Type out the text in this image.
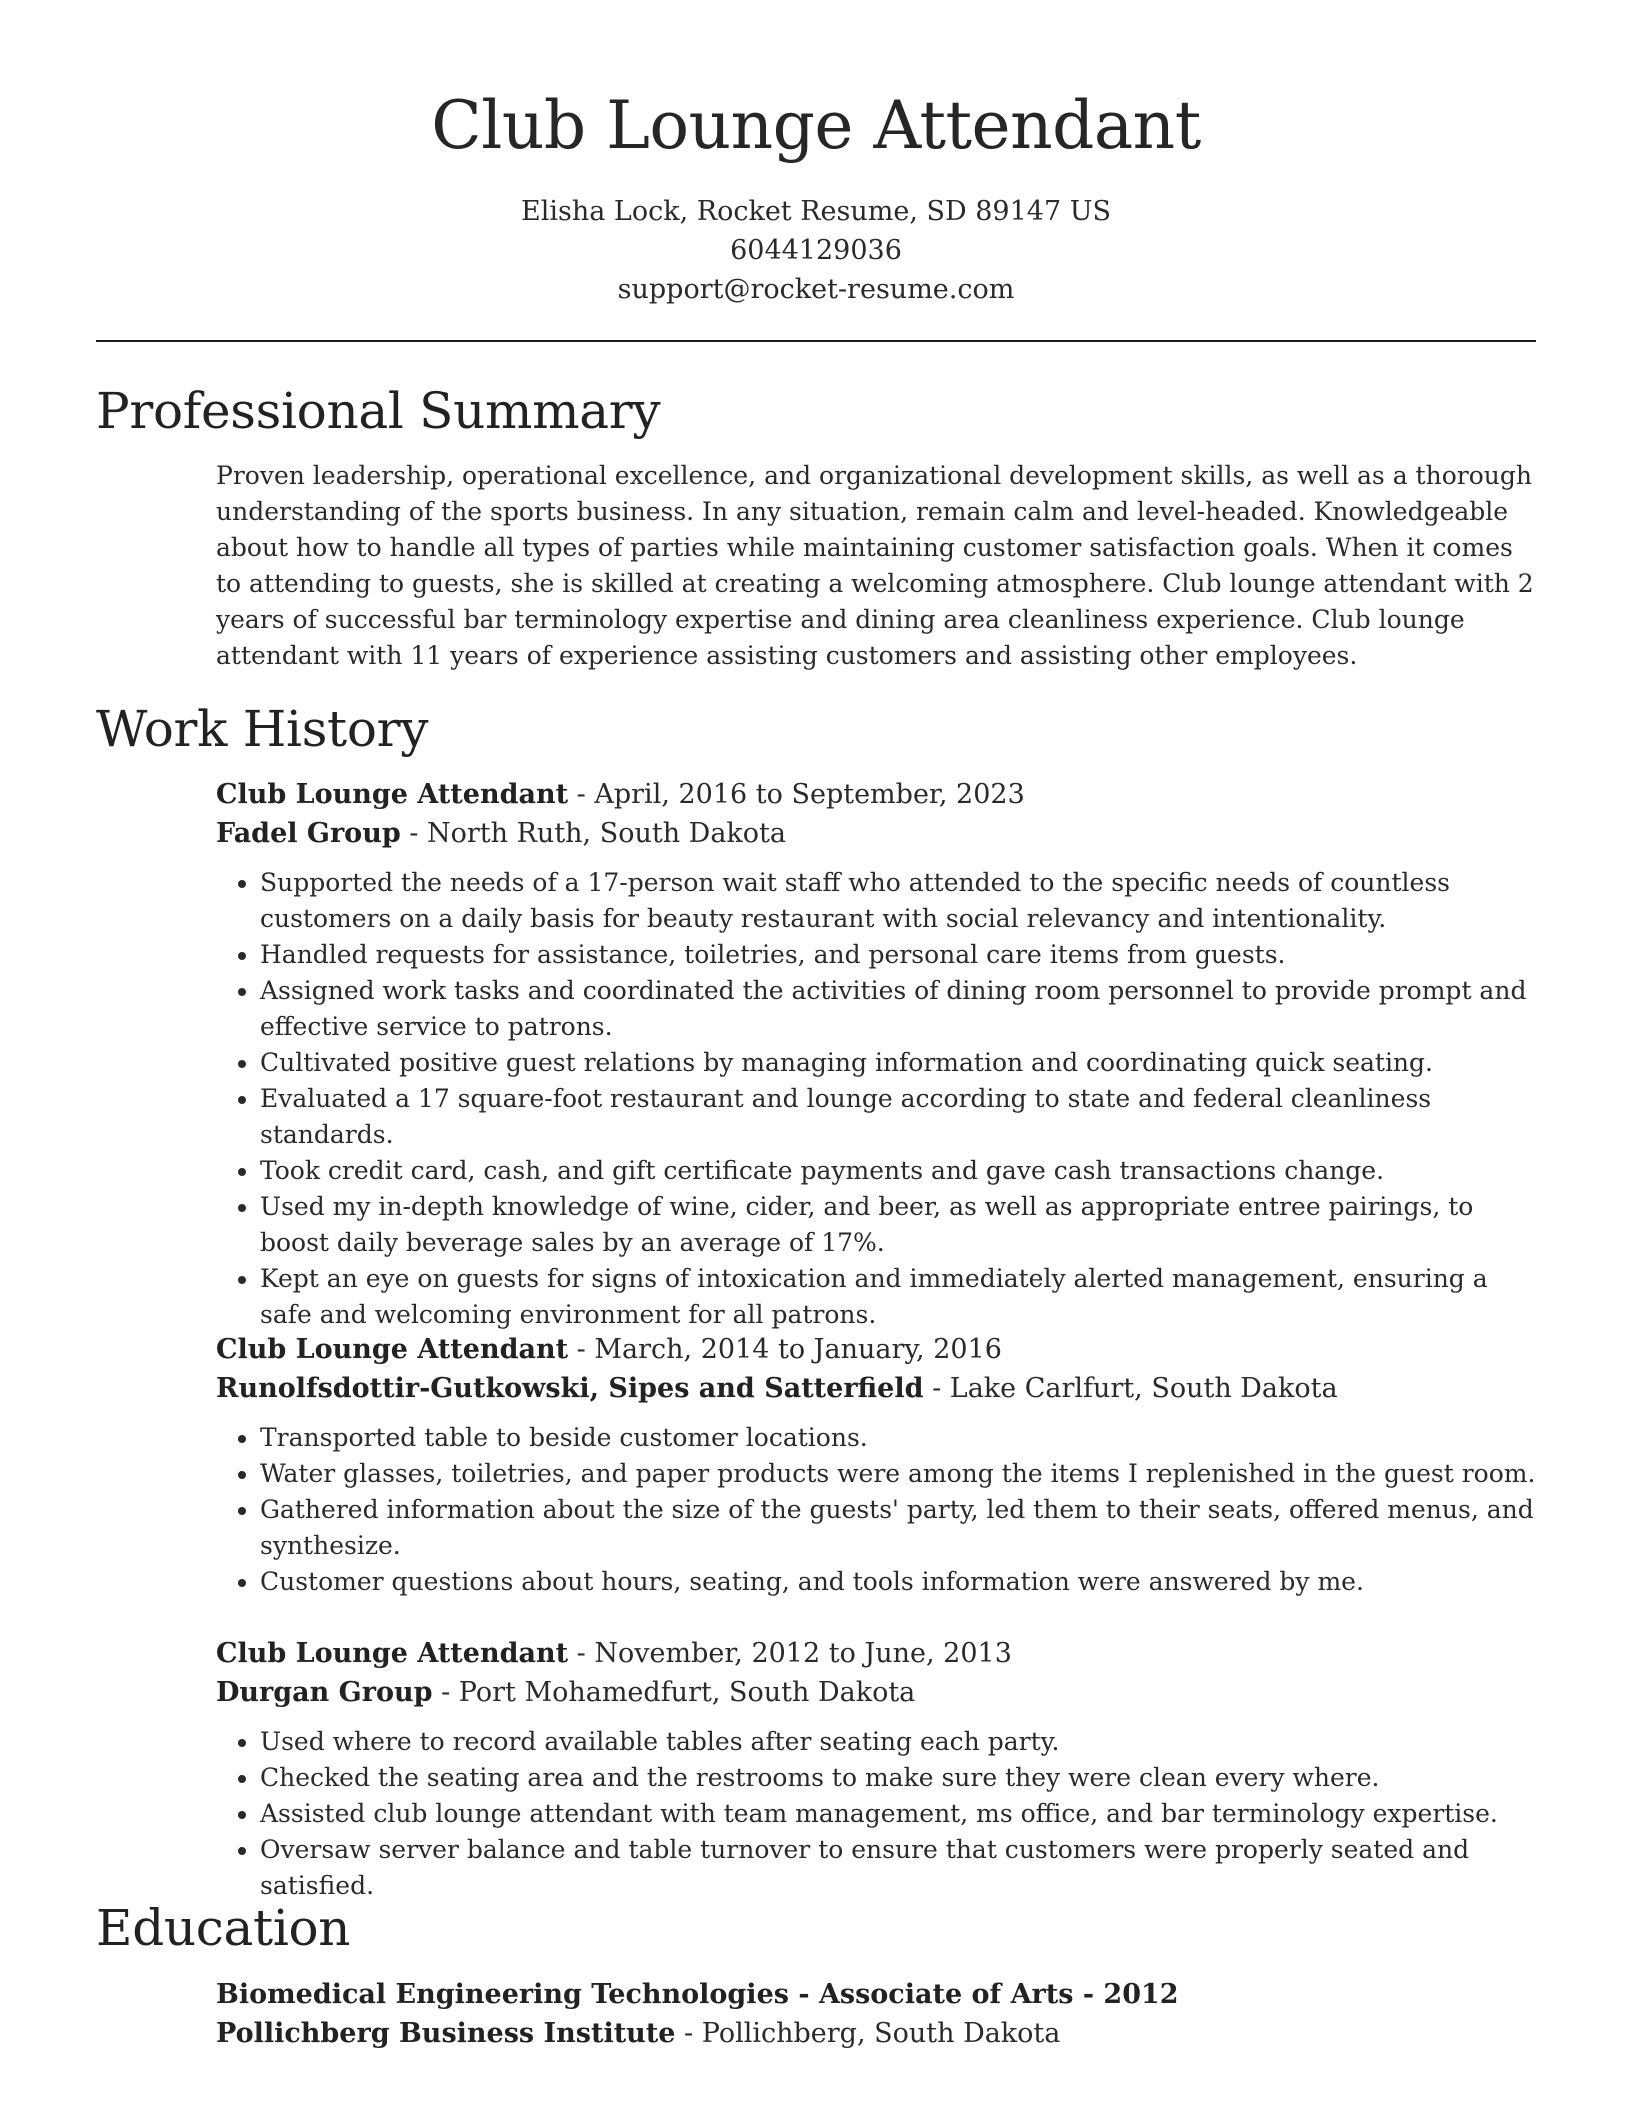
Club Lounge Attendant
Elisha Lock, Rocket Resume, SD 89147 US
6044129036
support@rocket-resume.com
Professional Summary

Proven leadership, operational excellence, and organizational development skills, as well as a thorough understanding of the sports business. In any situation, remain calm and level-headed. Knowledgeable about how to handle all types of parties while maintaining customer satisfaction goals. When it comes to attending to guests, she is skilled at creating a welcoming atmosphere. Club lounge attendant with 2 years of successful bar terminology expertise and dining area cleanliness experience. Club lounge attendant with 11 years of experience assisting customers and assisting other employees.

Work History
Club Lounge Attendant - April, 2016 to September, 2023
Fadel Group - North Ruth, South Dakota
• Supported the needs of a 17-person wait staff who attended to the specific needs of countless customers on a daily basis for beauty restaurant with social relevancy and intentionality.
• Handled requests for assistance, toiletries, and personal care items from guests.
• Assigned work tasks and coordinated the activities of dining room personnel to provide prompt and effective service to patrons.
• Cultivated positive guest relations by managing information and coordinating quick seating.
• Evaluated a 17 square-foot restaurant and lounge according to state and federal cleanliness standards.
• Took credit card, cash, and gift certificate payments and gave cash transactions change.
• Used my in-depth knowledge of wine, cider, and beer, as well as appropriate entree pairings, to boost daily beverage sales by an average of 17%.
• Kept an eye on guests for signs of intoxication and immediately alerted management, ensuring a safe and welcoming environment for all patrons.
Club Lounge Attendant - March, 2014 to January, 2016
Runolfsdottir-Gutkowski, Sipes and Satterfield - Lake Carlfurt, South Dakota
• Transported table to beside customer locations.
• Water glasses, toiletries, and paper products were among the items I replenished in the guest room.
• Gathered information about the size of the guests' party, led them to their seats, offered menus, and synthesize.
• Customer questions about hours, seating, and tools information were answered by me.
Club Lounge Attendant - November, 2012 to June, 2013
Durgan Group - Port Mohamedfurt, South Dakota
• Used where to record available tables after seating each party.
• Checked the seating area and the restrooms to make sure they were clean every where.
• Assisted club lounge attendant with team management, ms office, and bar terminology expertise.
• Oversaw server balance and table turnover to ensure that customers were properly seated and satisfied.
Education
Biomedical Engineering Technologies - Associate of Arts - 2012
Pollichberg Business Institute - Pollichberg, South Dakota
